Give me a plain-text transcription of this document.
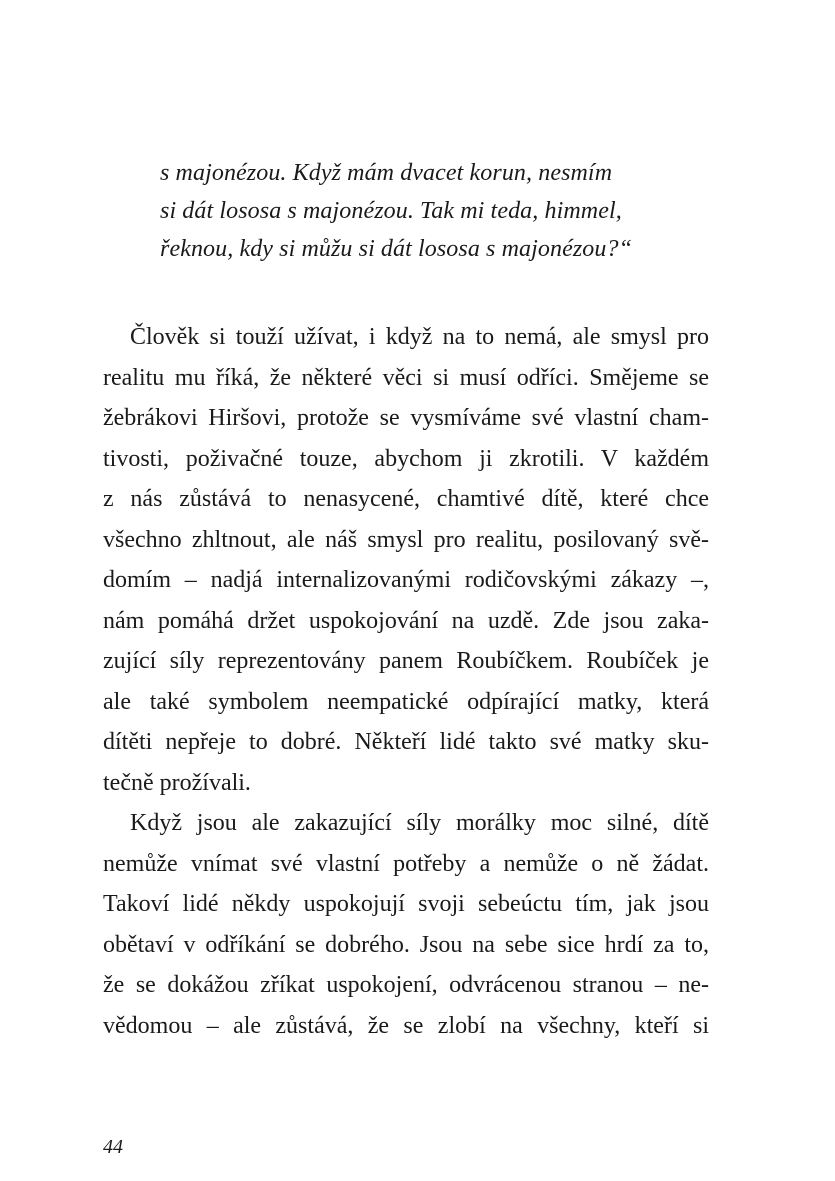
s majonézou. Když mám dvacet korun, nesmím
si dát lososa s majonézou. Tak mi teda, himmel,
řeknou, kdy si můžu si dát lososa s majonézou?“
Člověk si touží užívat, i když na to nemá, ale smysl pro
realitu mu říká, že některé věci si musí odříci. Smějeme se
žebrákovi Hiršovi, protože se vysmíváme své vlastní cham-
tivosti, poživačné touze, abychom ji zkrotili. V každém
z nás zůstává to nenasycené, chamtivé dítě, které chce
všechno zhltnout, ale náš smysl pro realitu, posilovaný svě-
domím – nadjá internalizovanými rodičovskými zákazy –,
nám pomáhá držet uspokojování na uzdě. Zde jsou zaka-
zující síly reprezentovány panem Roubíčkem. Roubíček je
ale také symbolem neempatické odpírající matky, která
dítěti nepřeje to dobré. Někteří lidé takto své matky sku-
tečně prožívali.
Když jsou ale zakazující síly morálky moc silné, dítě
nemůže vnímat své vlastní potřeby a nemůže o ně žádat.
Takoví lidé někdy uspokojují svoji sebeúctu tím, jak jsou
obětaví v odříkání se dobrého. Jsou na sebe sice hrdí za to,
že se dokážou zříkat uspokojení, odvrácenou stranou – ne-
vědomou – ale zůstává, že se zlobí na všechny, kteří si
44
